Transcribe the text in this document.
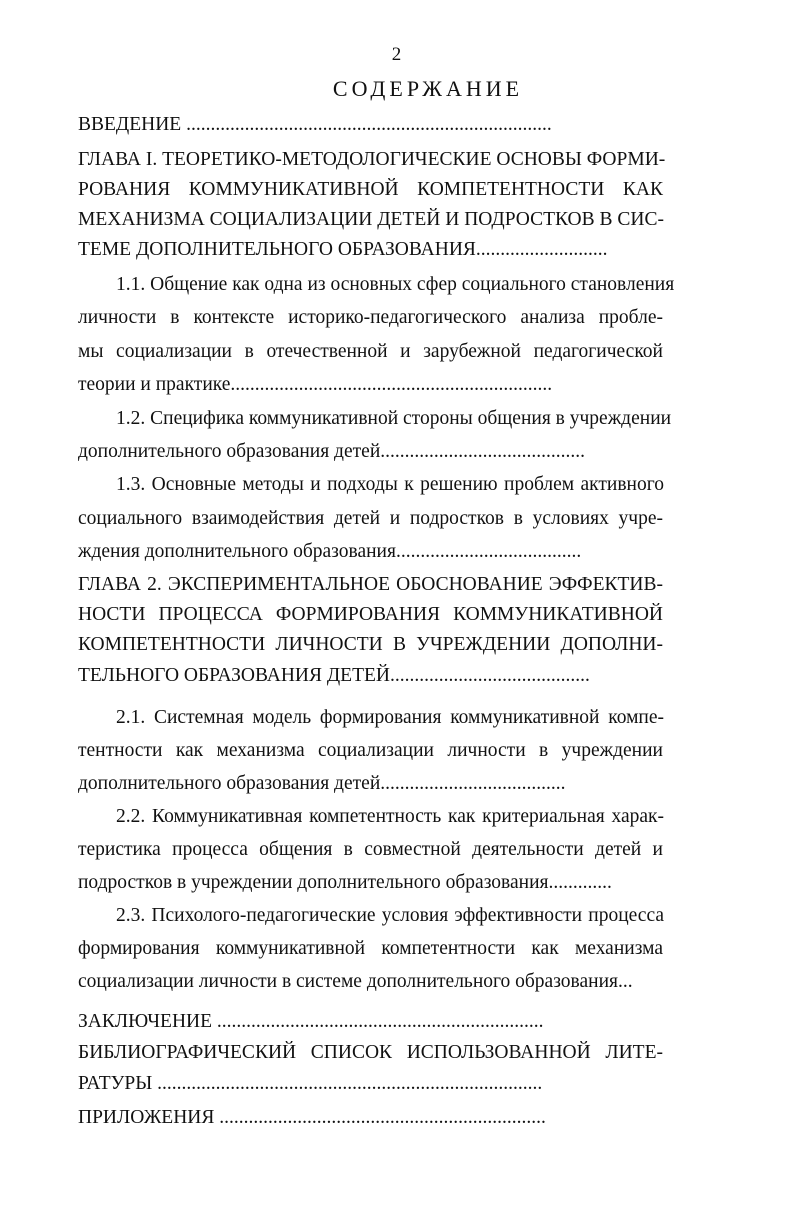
2
СОДЕРЖАНИЕ
ВВЕДЕНИЕ ...........................................................................
ГЛАВА I. ТЕОРЕТИКО-МЕТОДОЛОГИЧЕСКИЕ ОСНОВЫ ФОРМИ-
РОВАНИЯ КОММУНИКАТИВНОЙ КОМПЕТЕНТНОСТИ КАК
МЕХАНИЗМА СОЦИАЛИЗАЦИИ ДЕТЕЙ И ПОДРОСТКОВ В СИС-
ТЕМЕ ДОПОЛНИТЕЛЬНОГО ОБРАЗОВАНИЯ...........................
1.1. Общение как одна из основных сфер социального становления
личности в контексте историко-педагогического анализа пробле-
мы социализации в отечественной и зарубежной педагогической
теории и практике..................................................................
1.2. Специфика коммуникативной стороны общения в учреждении
дополнительного образования детей..........................................
1.3. Основные методы и подходы к решению проблем активного
социального взаимодействия детей и подростков в условиях учре-
ждения дополнительного образования......................................
ГЛАВА 2. ЭКСПЕРИМЕНТАЛЬНОЕ ОБОСНОВАНИЕ ЭФФЕКТИВ-
НОСТИ ПРОЦЕССА ФОРМИРОВАНИЯ КОММУНИКАТИВНОЙ
КОМПЕТЕНТНОСТИ ЛИЧНОСТИ В УЧРЕЖДЕНИИ ДОПОЛНИ-
ТЕЛЬНОГО ОБРАЗОВАНИЯ ДЕТЕЙ.........................................
2.1. Системная модель формирования коммуникативной компе-
тентности как механизма социализации личности в учреждении
дополнительного образования детей......................................
2.2. Коммуникативная компетентность как критериальная харак-
теристика процесса общения в совместной деятельности детей и
подростков в учреждении дополнительного образования.............
2.3. Психолого-педагогические условия эффективности процесса
формирования коммуникативной компетентности как механизма
социализации личности в системе дополнительного образования...
ЗАКЛЮЧЕНИЕ ...................................................................
БИБЛИОГРАФИЧЕСКИЙ СПИСОК ИСПОЛЬЗОВАННОЙ ЛИТЕ-
РАТУРЫ ...............................................................................
ПРИЛОЖЕНИЯ ...................................................................
